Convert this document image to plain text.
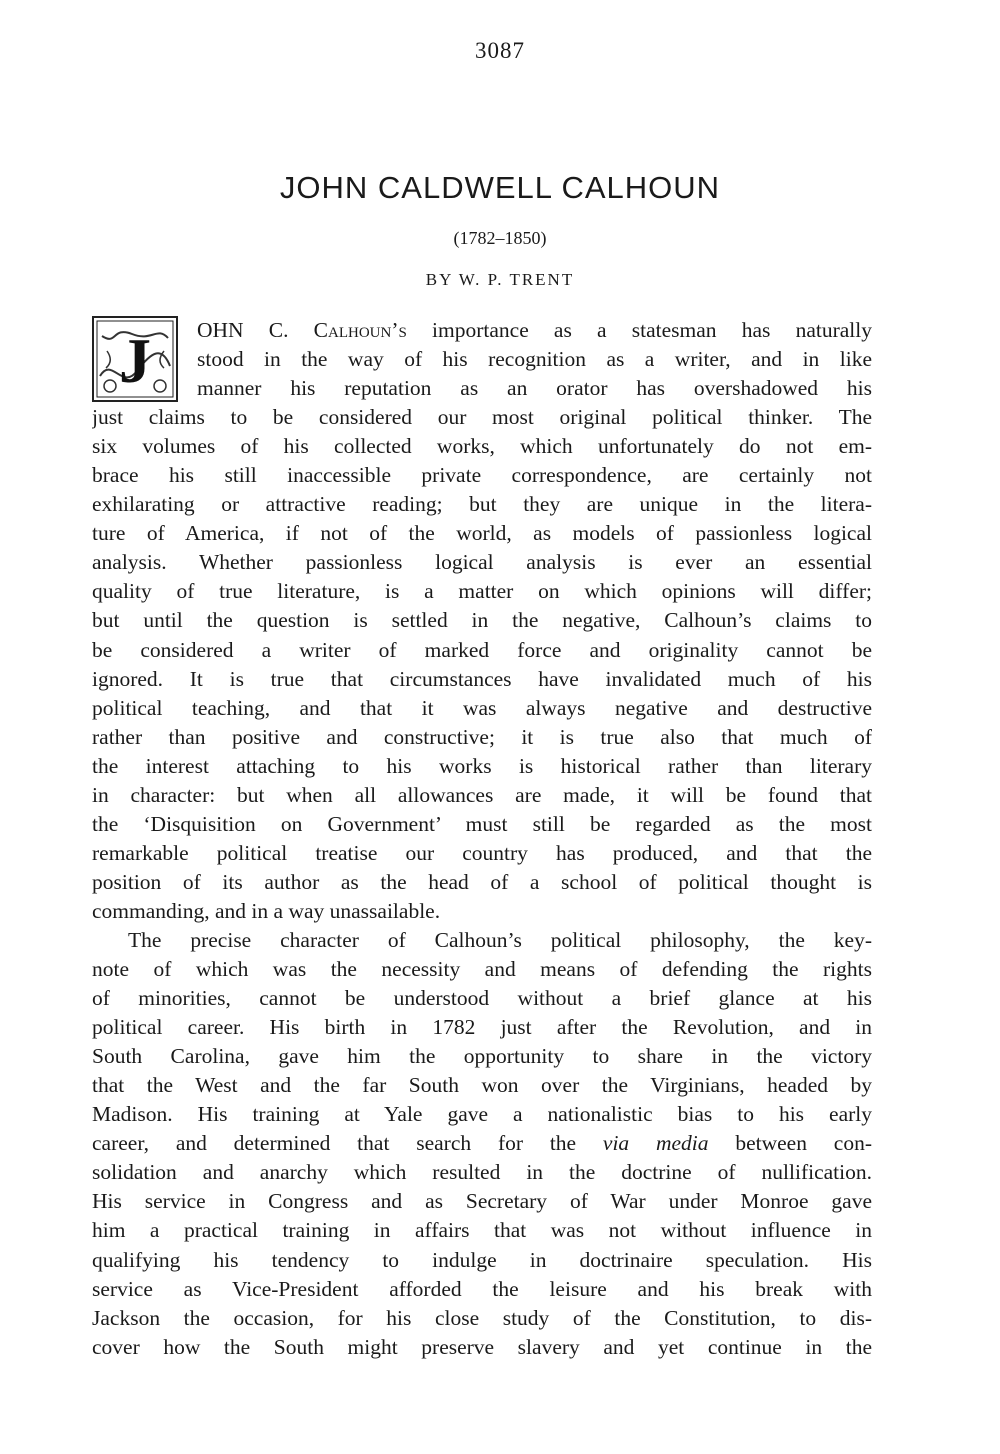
3087
JOHN CALDWELL CALHOUN
(1782–1850)
BY W. P. TRENT
J	OHN C. Calhoun’s importance as a statesman has naturally
stood in the way of his recognition as a writer, and in like
manner his reputation as an orator has overshadowed his
just claims to be considered our most original political thinker. The
six volumes of his collected works, which unfortunately do not em-
brace his still inaccessible private correspondence, are certainly not
exhilarating or attractive reading; but they are unique in the litera-
ture of America, if not of the world, as models of passionless logical
analysis. Whether passionless logical analysis is ever an essential
quality of true literature, is a matter on which opinions will differ;
but until the question is settled in the negative, Calhoun’s claims to
be considered a writer of marked force and originality cannot be
ignored. It is true that circumstances have invalidated much of his
political teaching, and that it was always negative and destructive
rather than positive and constructive; it is true also that much of
the interest attaching to his works is historical rather than literary
in character: but when all allowances are made, it will be found that
the ‘Disquisition on Government’ must still be regarded as the most
remarkable political treatise our country has produced, and that the
position of its author as the head of a school of political thought is
commanding, and in a way unassailable.
The precise character of Calhoun’s political philosophy, the key-
note of which was the necessity and means of defending the rights
of minorities, cannot be understood without a brief glance at his
political career. His birth in 1782 just after the Revolution, and in
South Carolina, gave him the opportunity to share in the victory
that the West and the far South won over the Virginians, headed by
Madison. His training at Yale gave a nationalistic bias to his early
career, and determined that search for the via media between con-
solidation and anarchy which resulted in the doctrine of nullification.
His service in Congress and as Secretary of War under Monroe gave
him a practical training in affairs that was not without influence in
qualifying his tendency to indulge in doctrinaire speculation. His
service as Vice-President afforded the leisure and his break with
Jackson the occasion, for his close study of the Constitution, to dis-
cover how the South might preserve slavery and yet continue in the
